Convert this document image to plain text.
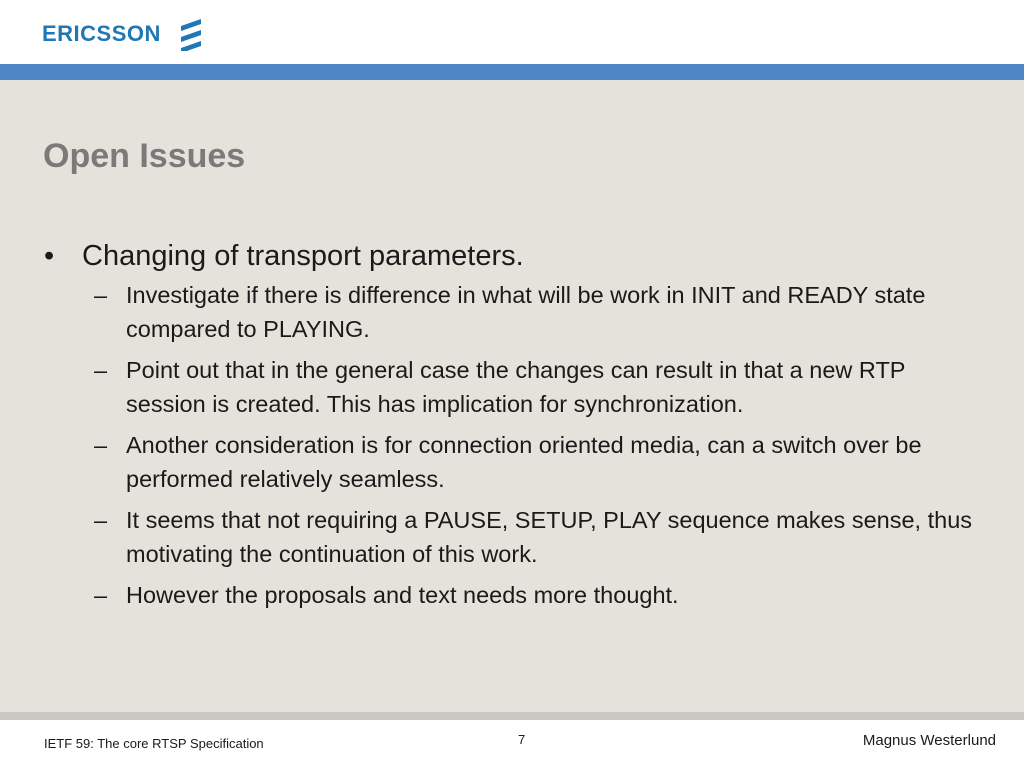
ERICSSON
Open Issues
• Changing of transport parameters.
– Investigate if there is difference in what will be work in INIT and READY state compared to PLAYING.
– Point out that in the general case the changes can result in that a new RTP session is created. This has implication for synchronization.
– Another consideration is for connection oriented media, can a switch over be performed relatively seamless.
– It seems that not requiring a PAUSE, SETUP, PLAY sequence makes sense, thus motivating the continuation of this work.
– However the proposals and text needs more thought.
IETF 59: The core RTSP Specification	7	Magnus Westerlund
